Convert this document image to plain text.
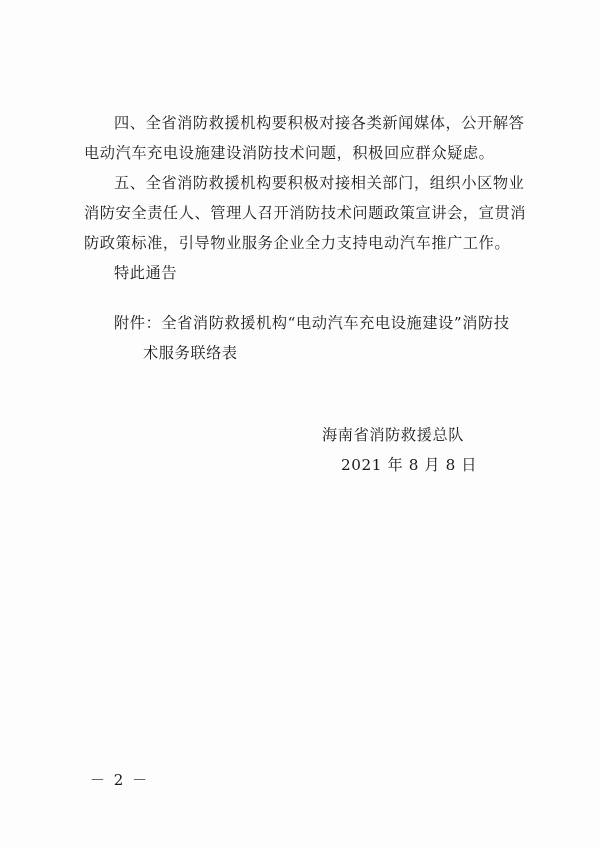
四、全省消防救援机构要积极对接各类新闻媒体，公开解答
电动汽车充电设施建设消防技术问题，积极回应群众疑虑。
五、全省消防救援机构要积极对接相关部门，组织小区物业
消防安全责任人、管理人召开消防技术问题政策宣讲会，宣贯消
防政策标准，引导物业服务企业全力支持电动汽车推广工作。
特此通告
附件：全省消防救援机构“电动汽车充电设施建设”消防技
术服务联络表
海南省消防救援总队
2021 年 8 月 8 日
－ 2 －
